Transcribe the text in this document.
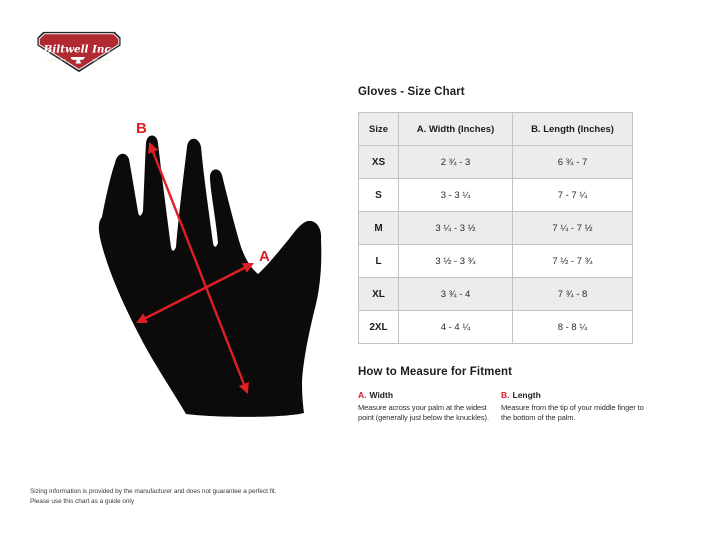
Biltwell Inc.
"QUALITY	COUNTS"
B
A
Gloves - Size Chart
Size	A. Width (Inches)	B. Length (Inches)
XS	2 ¾ - 3	6 ¾ - 7
S	3 - 3 ¼	7 - 7 ¼
M	3 ¼ - 3 ½	7 ¼ - 7 ½
L	3 ½ - 3 ¾	7 ½ - 7 ¾
XL	3 ¾ - 4	7 ¾ - 8
2XL	4 - 4 ¼	8 - 8 ¼
How to Measure for Fitment
A. Width

Measure across your palm at the widest point (generally just below the knuckles).

B. Length

Measure from the tip of your middle finger to the bottom of the palm.

Sizing information is provided by the manufacturer and does not guarantee a perfect fit.
Please use this chart as a guide only
